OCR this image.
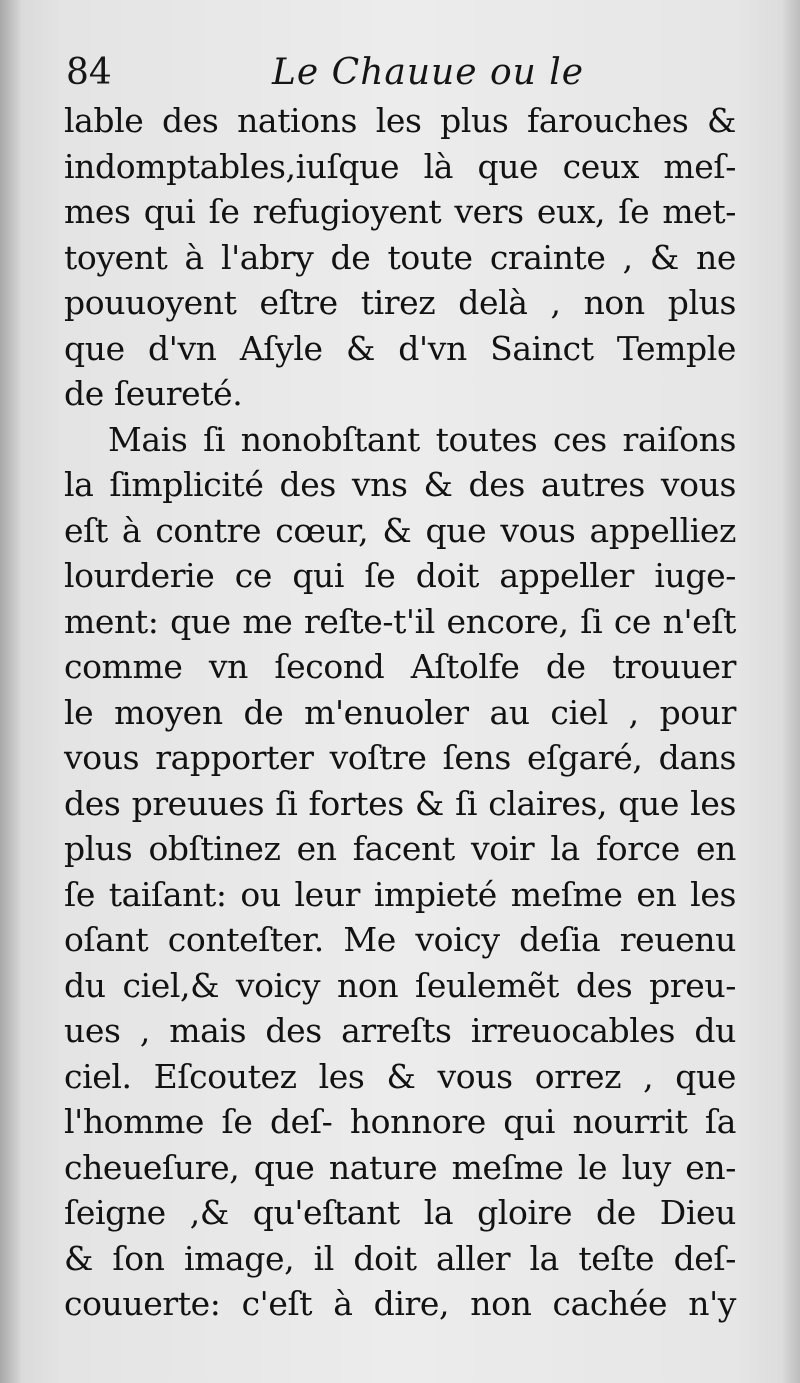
84	Le Chauue ou le
lable des nations les plus farouches &
indomptables,iuſque là que ceux meſ-
mes qui ſe refugioyent vers eux, ſe met-
toyent à l'abry de toute crainte , & ne
pouuoyent eſtre tirez delà , non plus
que d'vn Aſyle & d'vn Sainct Temple
de ſeureté.
Mais ſi nonobſtant toutes ces raiſons
la ſimplicité des vns & des autres vous
eſt à contre cœur, & que vous appelliez
lourderie ce qui ſe doit appeller iuge-
ment: que me reſte-t'il encore, ſi ce n'eſt
comme vn ſecond Aſtolfe de trouuer
le moyen de m'enuoler au ciel , pour
vous rapporter voſtre ſens eſgaré, dans
des preuues ſi fortes & ſi claires, que les
plus obſtinez en facent voir la force en
ſe taiſant: ou leur impieté meſme en les
oſant conteſter. Me voicy deſia reuenu
du ciel,& voicy non ſeulemẽt des preu-
ues , mais des arreſts irreuocables du
ciel. Eſcoutez les & vous orrez , que
l'homme ſe deſ- honnore qui nourrit ſa
cheueſure, que nature meſme le luy en-
ſeigne ,& qu'eſtant la gloire de Dieu
& ſon image, il doit aller la teſte deſ-
couuerte: c'eſt à dire, non cachée n'y
